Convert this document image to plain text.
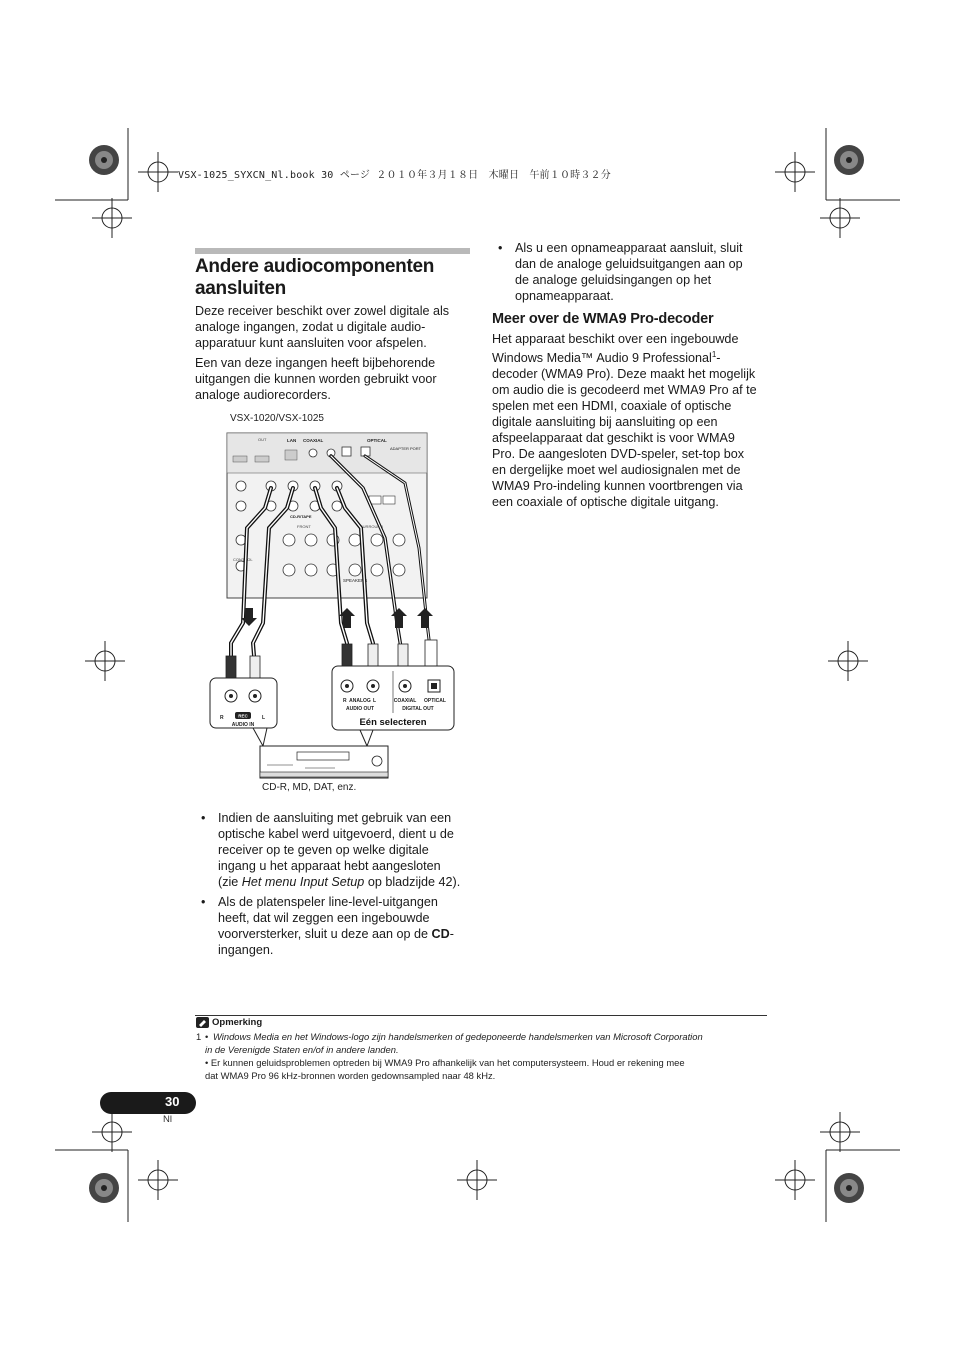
VSX-1025_SYXCN_Nl.book 30 ページ ２０１０年３月１８日　木曜日　午前１０時３２分
Andere audiocomponenten
aansluiten
Deze receiver beschikt over zowel digitale als
analoge ingangen, zodat u digitale audio-
apparatuur kunt aansluiten voor afspelen.
Een van deze ingangen heeft bijbehorende
uitgangen die kunnen worden gebruikt voor
analoge audiorecorders.
VSX-1020/VSX-1025
LAN COAXIAL	OPTICAL
ADAPTER PORT
OUT
CD-R/TAPE
FRONT	SURROUND
CONTROL
SPEAKERS
R	REC	L
AUDIO IN
R ANALOG L
AUDIO OUT
COAXIAL OPTICAL
DIGITAL OUT
Eén selecteren
CD-R, MD, DAT, enz.
• Indien de aansluiting met gebruik van een
optische kabel werd uitgevoerd, dient u de
receiver op te geven op welke digitale
ingang u het apparaat hebt aangesloten
(zie Het menu Input Setup op bladzijde 42).
• Als de platenspeler line-level-uitgangen
heeft, dat wil zeggen een ingebouwde
voorversterker, sluit u deze aan op de CD-
ingangen.
• Als u een opnameapparaat aansluit, sluit
dan de analoge geluidsuitgangen aan op
de analoge geluidsingangen op het
opnameapparaat.
Meer over de WMA9 Pro-decoder
Het apparaat beschikt over een ingebouwde
Windows Media™ Audio 9 Professional$^1$-
decoder (WMA9 Pro). Deze maakt het mogelijk
om audio die is gecodeerd met WMA9 Pro af te
spelen met een HDMI, coaxiale of optische
digitale aansluiting bij aansluiting op een
afspeelapparaat dat geschikt is voor WMA9
Pro. De aangesloten DVD-speler, set-top box
en dergelijke moet wel audiosignalen met de
WMA9 Pro-indeling kunnen voortbrengen via
een coaxiale of optische digitale uitgang.
Opmerking
1 • Windows Media en het Windows-logo zijn handelsmerken of gedeponeerde handelsmerken van Microsoft Corporation
in de Verenigde Staten en/of in andere landen.
• Er kunnen geluidsproblemen optreden bij WMA9 Pro afhankelijk van het computersysteem. Houd er rekening mee
dat WMA9 Pro 96 kHz-bronnen worden gedownsampled naar 48 kHz.
30
Nl
